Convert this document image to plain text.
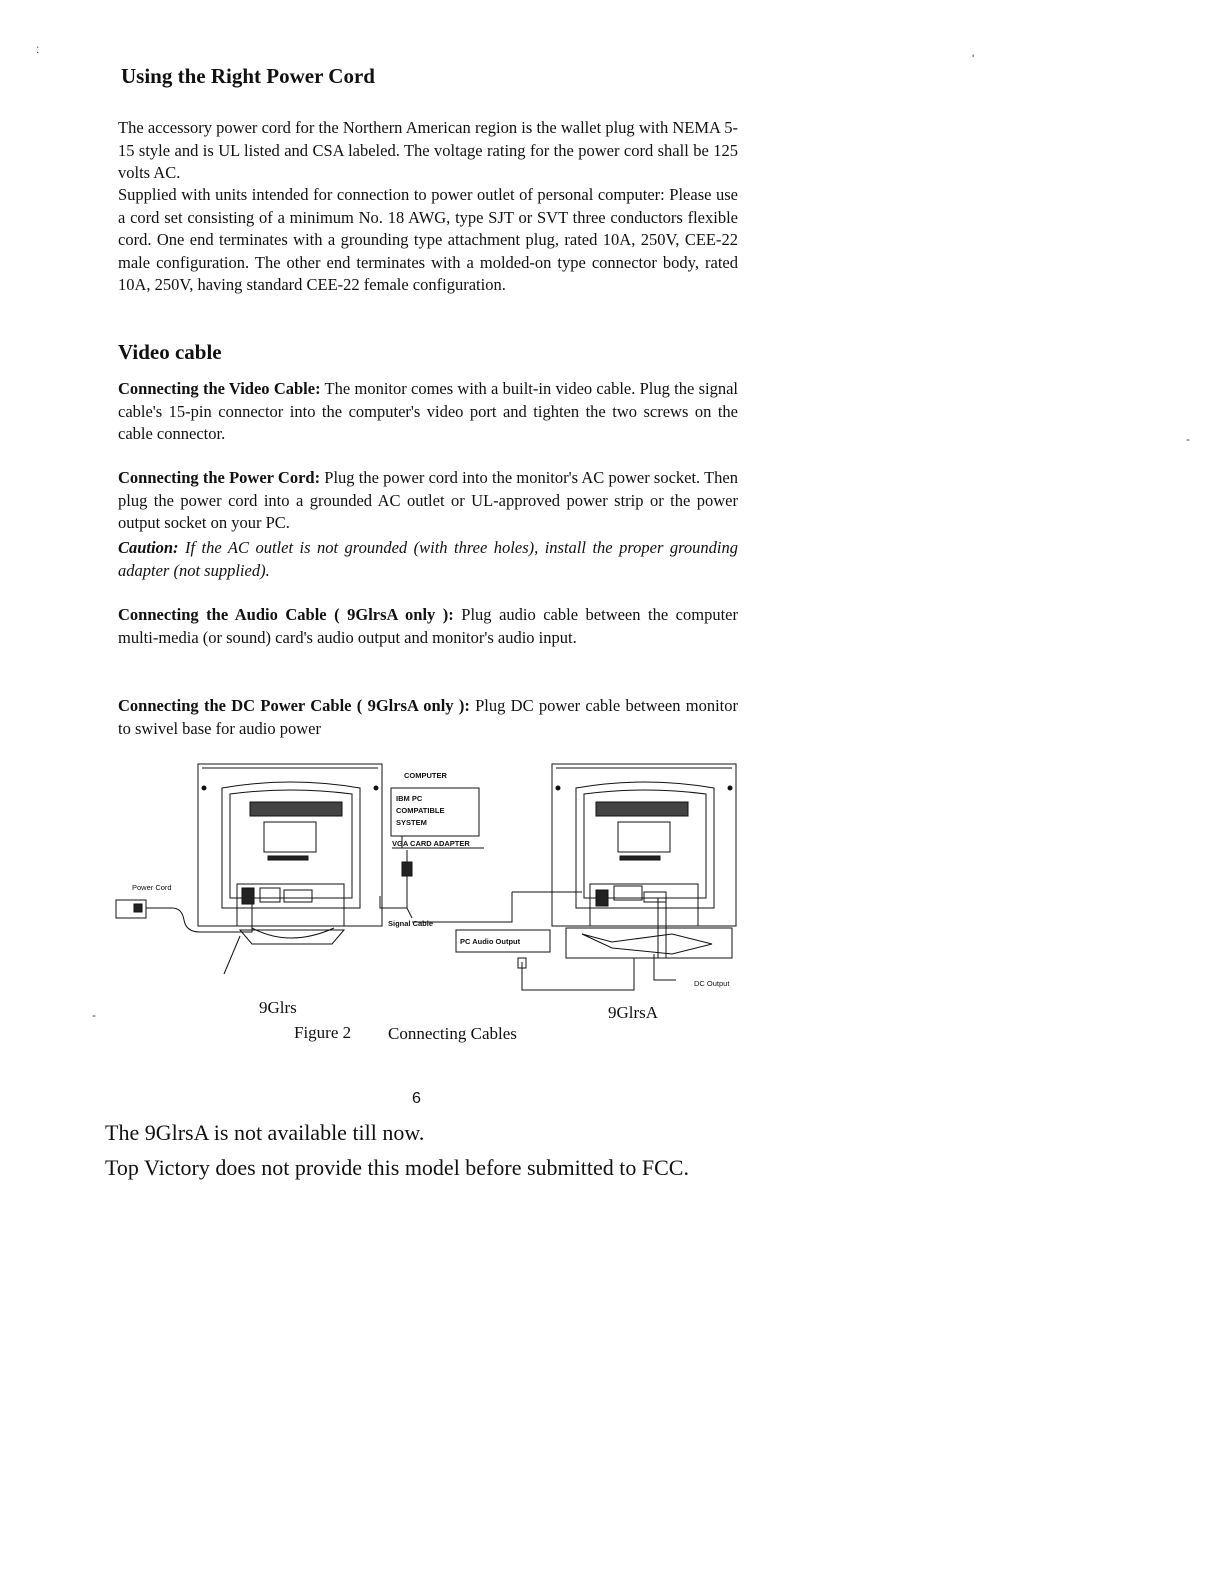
:
'
-
-
Using the Right Power Cord

The accessory power cord for the Northern American region is the wallet plug with NEMA 5-15 style and is UL listed and CSA labeled. The voltage rating for the power cord shall be 125 volts AC.

Supplied with units intended for connection to power outlet of personal computer: Please use a cord set consisting of a minimum No. 18 AWG, type SJT or SVT three conductors flexible cord. One end terminates with a grounding type attachment plug, rated 10A, 250V, CEE-22 male configuration. The other end terminates with a molded-on type connector body, rated 10A, 250V, having standard CEE-22 female configuration.

Video cable

Connecting the Video Cable: The monitor comes with a built-in video cable. Plug the signal cable's 15-pin connector into the computer's video port and tighten the two screws on the cable connector.

Connecting the Power Cord: Plug the power cord into the monitor's AC power socket. Then plug the power cord into a grounded AC outlet or UL-approved power strip or the power output socket on your PC.

Caution: If the AC outlet is not grounded (with three holes), install the proper grounding adapter (not supplied).

Connecting the Audio Cable ( 9GlrsA only ): Plug audio cable between the computer multi-media (or sound) card's audio output and monitor's audio input.

Connecting the DC Power Cable ( 9GlrsA only ): Plug DC power cable between monitor to swivel base for audio power

COMPUTER
IBM PC
COMPATIBLE
SYSTEM
VGA CARD ADAPTER
Power Cord
Signal Cable
PC Audio Output
DC Output
9Glrs	9GlrsA
Figure 2 Connecting Cables
6
The 9GlrsA is not available till now.
Top Victory does not provide this model before submitted to FCC.
